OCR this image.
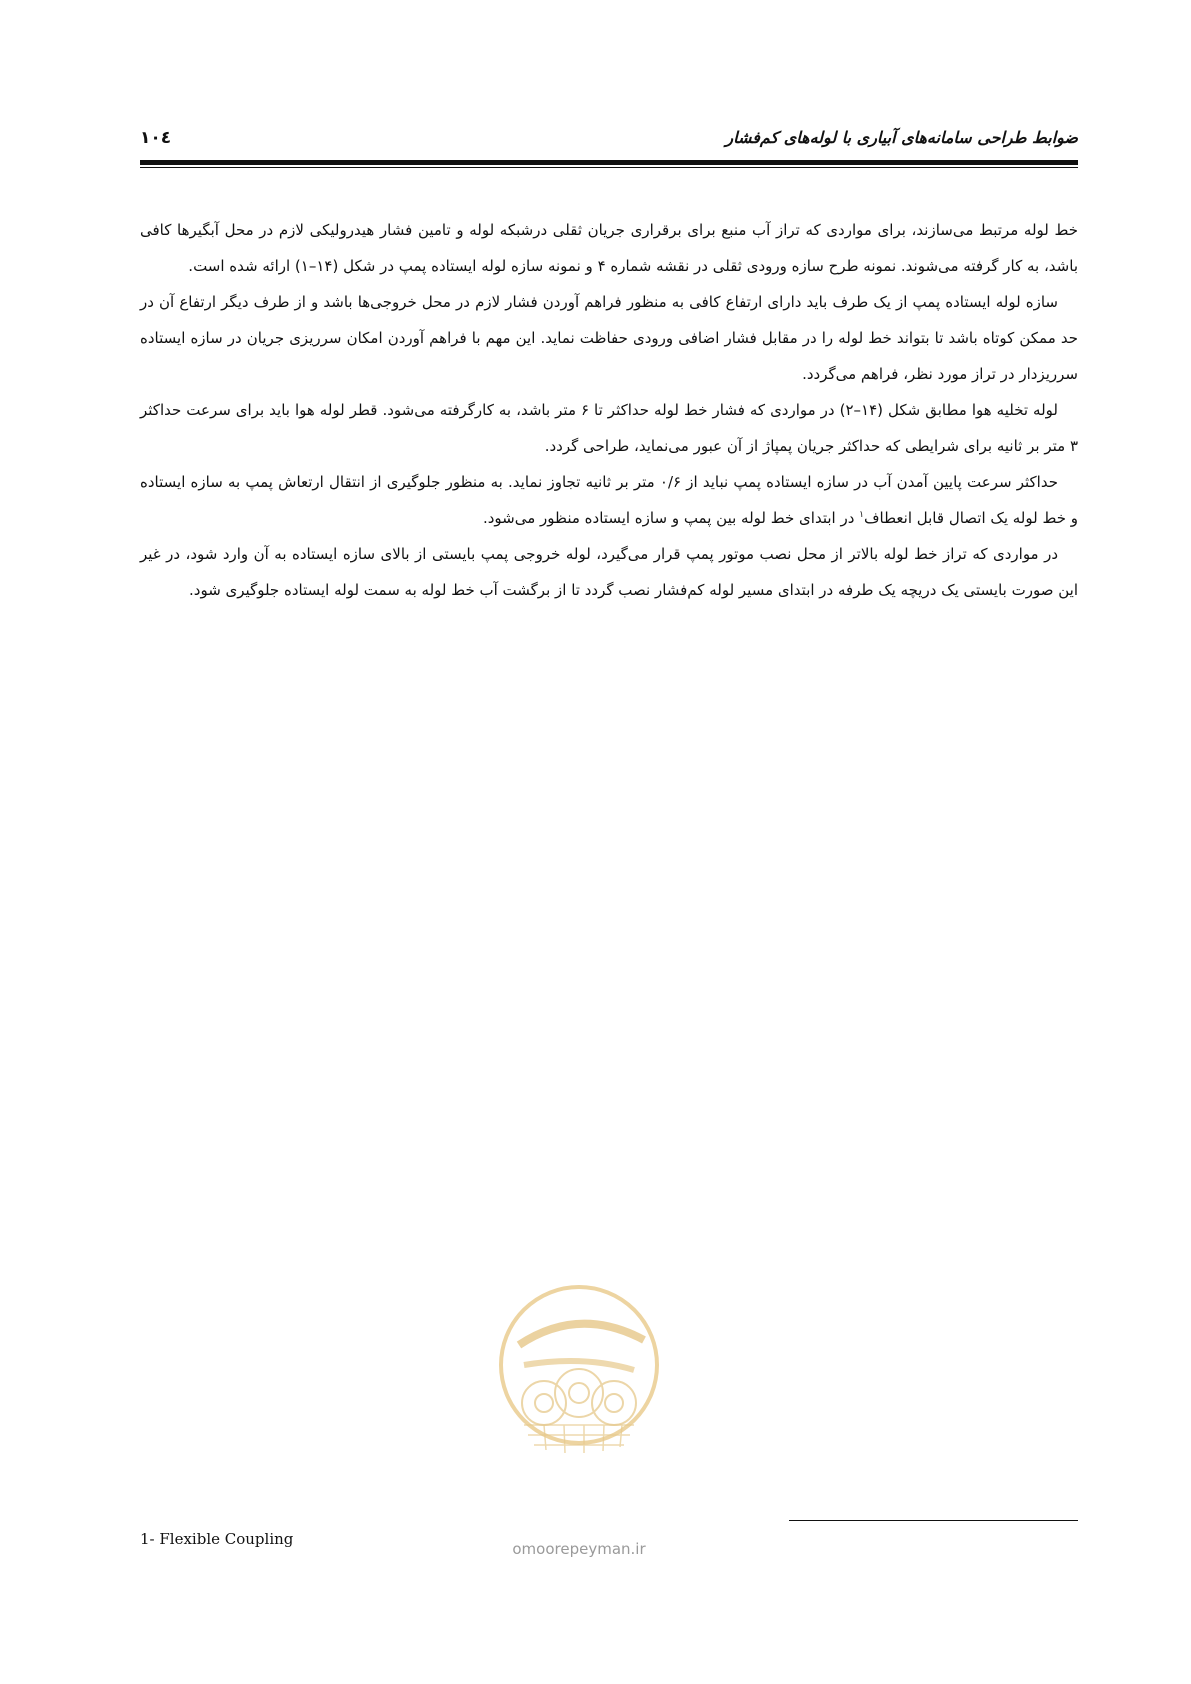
ضوابط طراحی سامانه‌های آبیاری با لوله‌های کم‌فشار
۱۰٤

خط لوله مرتبط می‌سازند، برای مواردی که تراز آب منبع برای برقراری جریان ثقلی درشبکه لوله و تامین فشار هیدرولیکی لازم در محل آبگیرها کافی باشد، به کار گرفته می‌شوند. نمونه طرح سازه ورودی ثقلی در نقشه شماره ۴ و نمونه سازه لوله ایستاده پمپ در شکل (۱۴–۱) ارائه شده است.

سازه لوله ایستاده پمپ از یک طرف باید دارای ارتفاع کافی به منظور فراهم آوردن فشار لازم در محل خروجی‌ها باشد و از طرف دیگر ارتفاع آن در حد ممکن کوتاه باشد تا بتواند خط لوله را در مقابل فشار اضافی ورودی حفاظت نماید. این مهم با فراهم آوردن امکان سرریزی جریان در سازه ایستاده سرریزدار در تراز مورد نظر، فراهم می‌گردد.

لوله تخلیه هوا مطابق شکل (۱۴–۲) در مواردی که فشار خط لوله حداکثر تا ۶ متر باشد، به کارگرفته می‌شود. قطر لوله هوا باید برای سرعت حداکثر ۳ متر بر ثانیه برای شرایطی که حداکثر جریان پمپاژ از آن عبور می‌نماید، طراحی گردد.

حداکثر سرعت پایین آمدن آب در سازه ایستاده پمپ نباید از ۰/۶ متر بر ثانیه تجاوز نماید. به منظور جلوگیری از انتقال ارتعاش پمپ به سازه ایستاده و خط لوله یک اتصال قابل انعطاف$^۱$ در ابتدای خط لوله بین پمپ و سازه ایستاده منظور می‌شود.

در مواردی که تراز خط لوله بالاتر از محل نصب موتور پمپ قرار می‌گیرد، لوله خروجی پمپ بایستی از بالای سازه ایستاده به آن وارد شود، در غیر این صورت بایستی یک دریچه یک طرفه در ابتدای مسیر لوله کم‌فشار نصب گردد تا از برگشت آب خط لوله به سمت لوله ایستاده جلوگیری شود.

omoorepeyman.ir
1- Flexible Coupling
